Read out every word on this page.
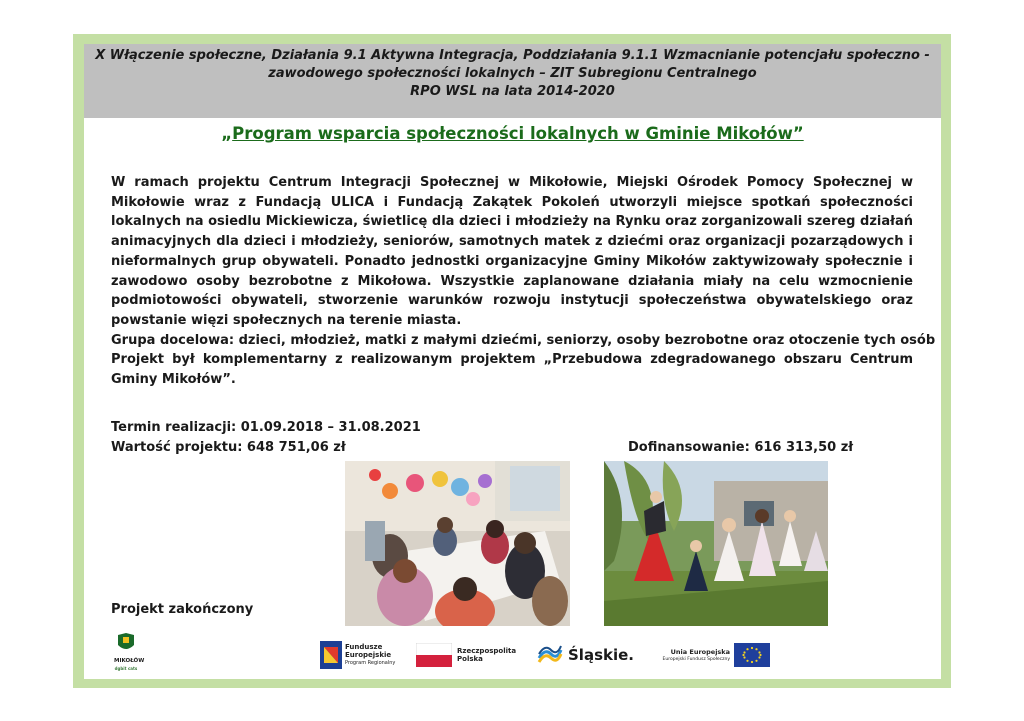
X Włączenie społeczne, Działania 9.1 Aktywna Integracja, Poddziałania 9.1.1 Wzmacnianie potencjału społeczno -
zawodowego społeczności lokalnych – ZIT Subregionu Centralnego
RPO WSL na lata 2014-2020
„Program wsparcia społeczności lokalnych w Gminie Mikołów”

W ramach projektu Centrum Integracji Społecznej w Mikołowie, Miejski Ośrodek Pomocy Społecznej w Mikołowie wraz z Fundacją ULICA i Fundacją Zakątek Pokoleń utworzyli miejsce spotkań społeczności lokalnych na osiedlu Mickiewicza, świetlicę dla dzieci i młodzieży na Rynku oraz zorganizowali szereg działań animacyjnych dla dzieci i młodzieży, seniorów, samotnych matek z dziećmi oraz organizacji pozarządowych i nieformalnych grup obywateli. Ponadto jednostki organizacyjne Gminy Mikołów zaktywizowały społecznie i zawodowo osoby bezrobotne z Mikołowa. Wszystkie zaplanowane działania miały na celu wzmocnienie podmiotowości obywateli, stworzenie warunków rozwoju instytucji społeczeństwa obywatelskiego oraz powstanie więzi społecznych na terenie miasta.

Grupa docelowa: dzieci, młodzież, matki z małymi dziećmi, seniorzy, osoby bezrobotne oraz otoczenie tych osób

Projekt był komplementarny z realizowanym projektem „Przebudowa zdegradowanego obszaru Centrum Gminy Mikołów”.

Termin realizacji: 01.09.2018 – 31.08.2021
Wartość projektu: 648 751,06 zł	Dofinansowanie: 616 313,50 zł
Projekt zakończony
MIKOŁÓW
dgbit cats
Fundusze
Europejskie
Program Regionalny
Rzeczpospolita
Polska	Śląskie.	Unia Europejska
Europejski Fundusz Społeczny
